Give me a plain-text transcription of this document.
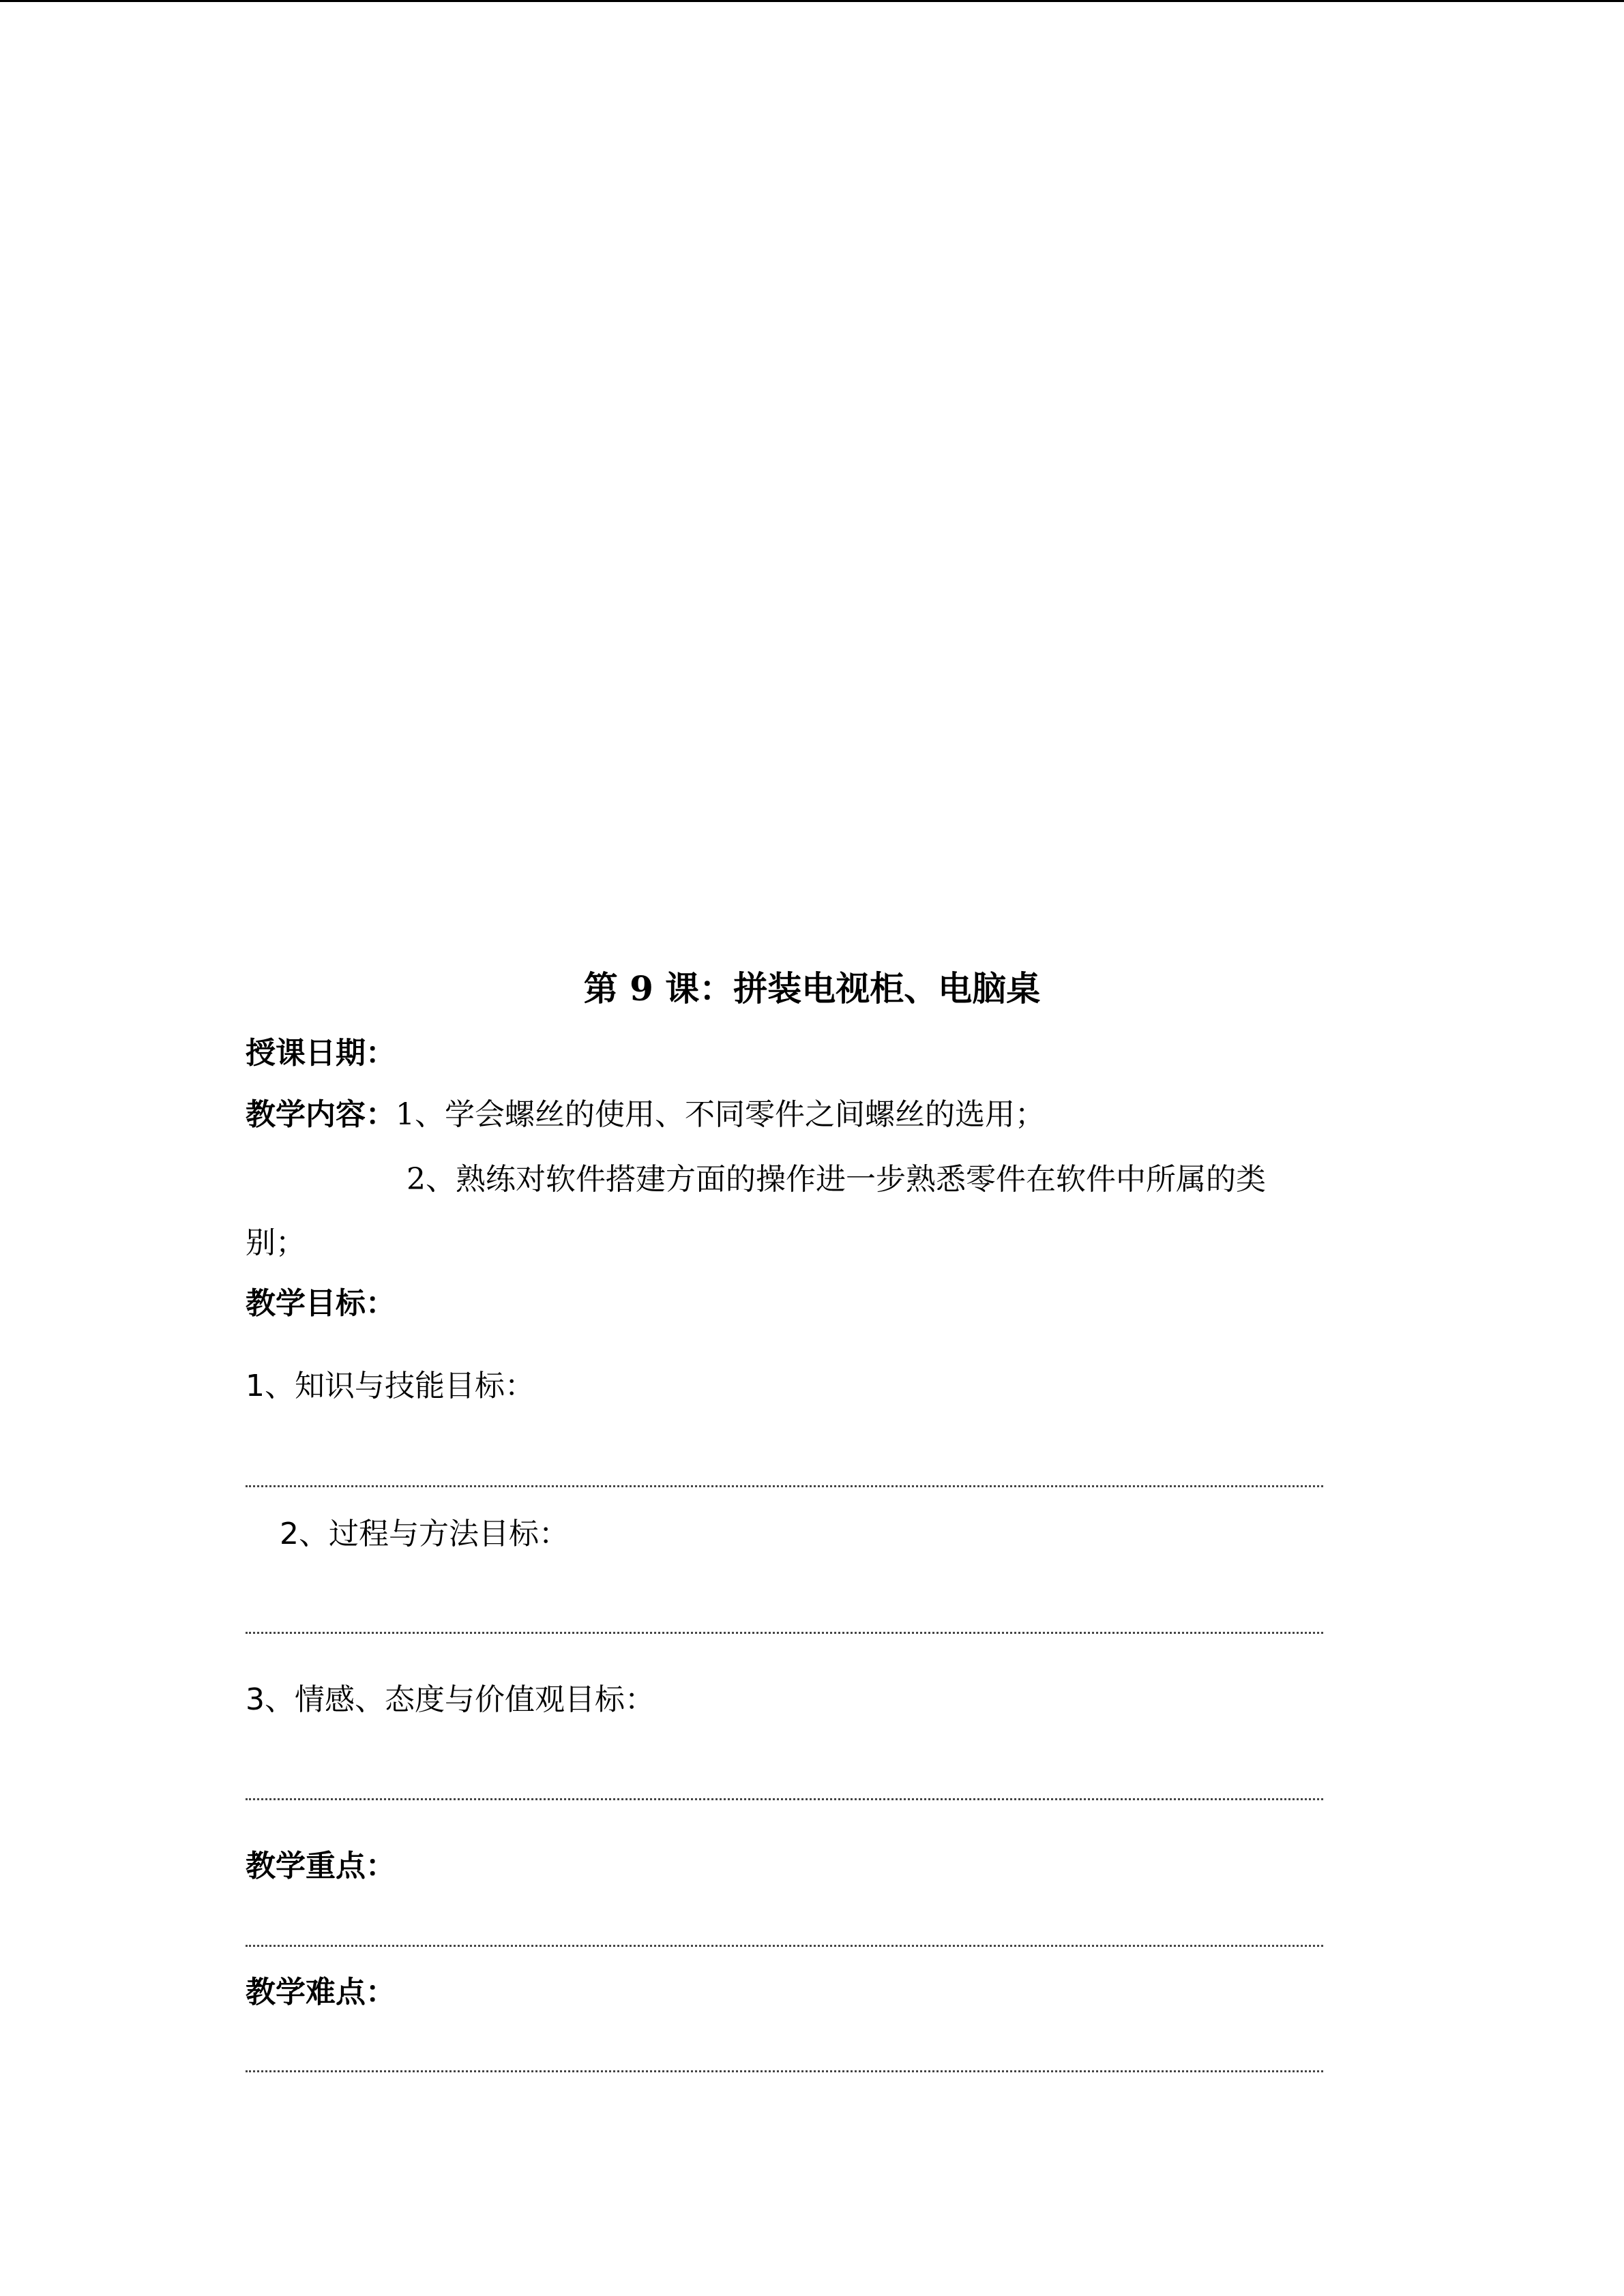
第 9 课：拼装电视柜、电脑桌
授课日期：
教学内容：1、学会螺丝的使用、不同零件之间螺丝的选用；
2、熟练对软件搭建方面的操作进一步熟悉零件在软件中所属的类
别；
教学目标：
1、知识与技能目标：
2、过程与方法目标：
3、情感、态度与价值观目标：
教学重点：
教学难点：
